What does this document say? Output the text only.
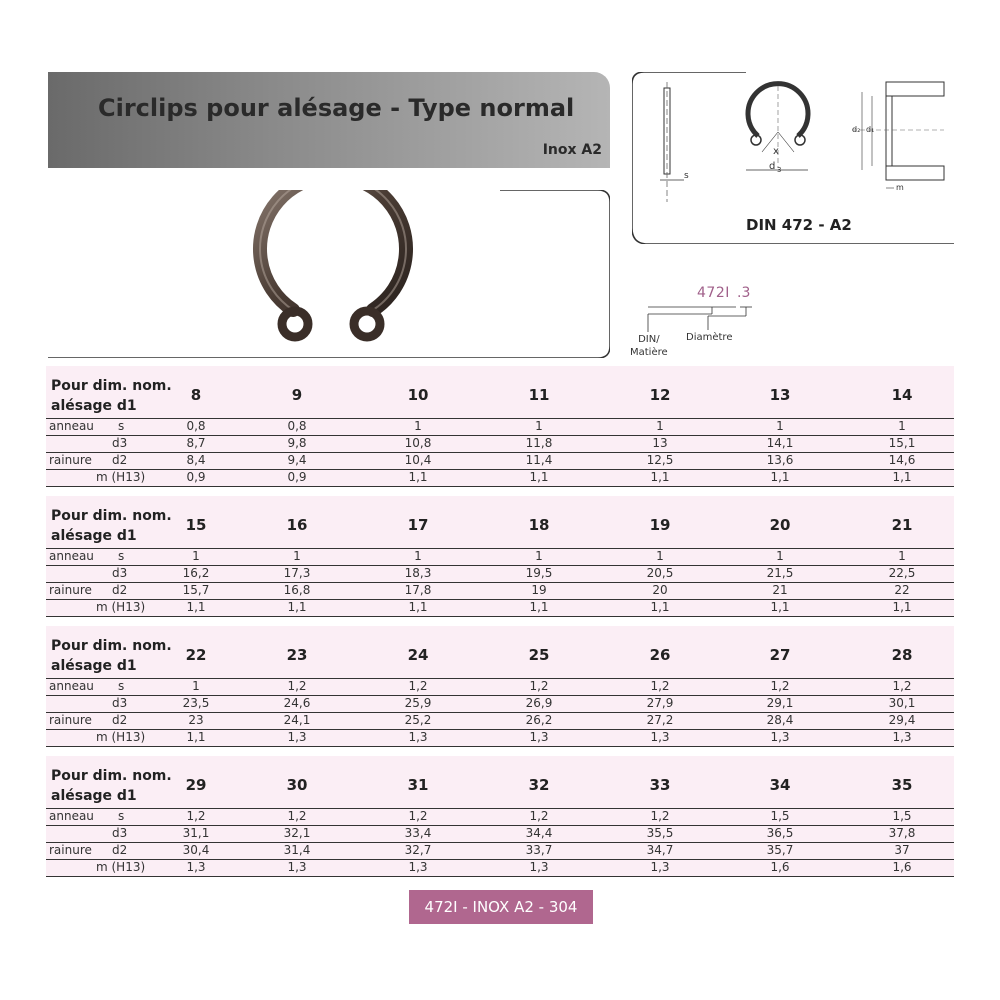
Circlips pour alésage - Type normal
Inox A2
s
x
d 3
d₂ d₁
m
DIN 472 - A2
472I .3
DIN/
Matière
Diamètre
Pour dim. nom.
alésage d1
8	9	10	11	12	13	14
anneau s	0,8	0,8	1	1	1	1	1
d3	8,7	9,8	10,8	11,8	13	14,1	15,1
rainure d2	8,4	9,4	10,4	11,4	12,5	13,6	14,6
m (H13)	0,9	0,9	1,1	1,1	1,1	1,1	1,1
Pour dim. nom.
alésage d1
15	16	17	18	19	20	21
anneau s	1	1	1	1	1	1	1
d3	16,2	17,3	18,3	19,5	20,5	21,5	22,5
rainure d2	15,7	16,8	17,8	19	20	21	22
m (H13)	1,1	1,1	1,1	1,1	1,1	1,1	1,1
Pour dim. nom.
alésage d1
22	23	24	25	26	27	28
anneau s	1	1,2	1,2	1,2	1,2	1,2	1,2
d3	23,5	24,6	25,9	26,9	27,9	29,1	30,1
rainure d2	23	24,1	25,2	26,2	27,2	28,4	29,4
m (H13)	1,1	1,3	1,3	1,3	1,3	1,3	1,3
Pour dim. nom.
alésage d1
29	30	31	32	33	34	35
anneau s	1,2	1,2	1,2	1,2	1,2	1,5	1,5
d3	31,1	32,1	33,4	34,4	35,5	36,5	37,8
rainure d2	30,4	31,4	32,7	33,7	34,7	35,7	37
m (H13)	1,3	1,3	1,3	1,3	1,3	1,6	1,6
472I - INOX A2 - 304
